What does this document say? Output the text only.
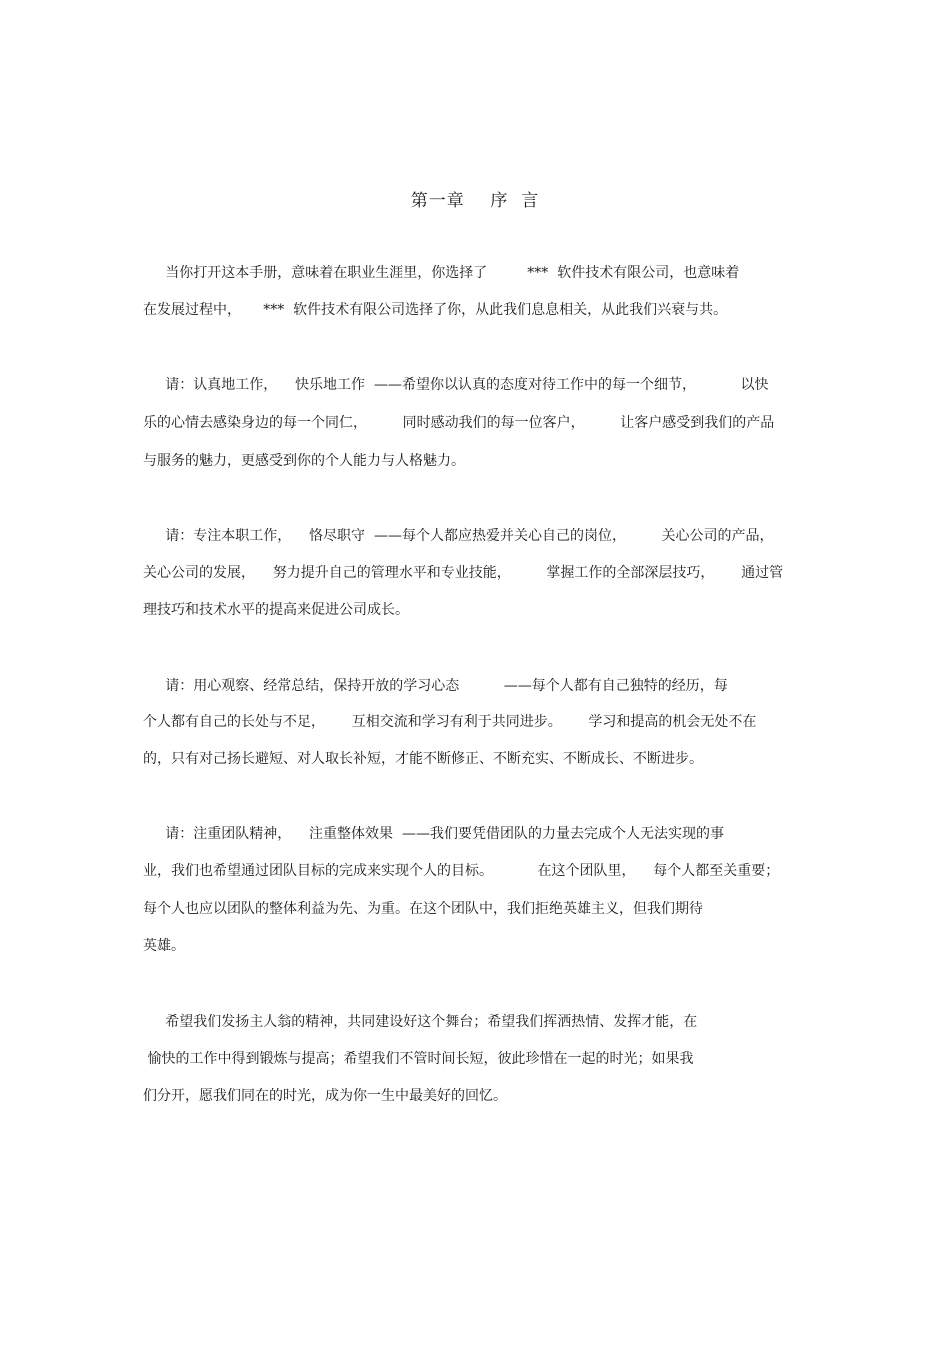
第一章    序  言
当你打开这本手册，意味着在职业生涯里，你选择了         ***  软件技术有限公司，也意味着
在发展过程中，     ***  软件技术有限公司选择了你，从此我们息息相关，从此我们兴衰与共。
请：认真地工作，    快乐地工作  ——希望你以认真的态度对待工作中的每一个细节，          以快
乐的心情去感染身边的每一个同仁，        同时感动我们的每一位客户，        让客户感受到我们的产品
与服务的魅力，更感受到你的个人能力与人格魅力。
请：专注本职工作，    恪尽职守  ——每个人都应热爱并关心自己的岗位，        关心公司的产品，
关心公司的发展，    努力提升自己的管理水平和专业技能，        掌握工作的全部深层技巧，      通过管
理技巧和技术水平的提高来促进公司成长。
请：用心观察、经常总结，保持开放的学习心态          ——每个人都有自己独特的经历，每
个人都有自己的长处与不足，      互相交流和学习有利于共同进步。      学习和提高的机会无处不在
的，只有对己扬长避短、对人取长补短，才能不断修正、不断充实、不断成长、不断进步。
请：注重团队精神，    注重整体效果  ——我们要凭借团队的力量去完成个人无法实现的事
业，我们也希望通过团队目标的完成来实现个人的目标。          在这个团队里，    每个人都至关重要；
每个人也应以团队的整体利益为先、为重。在这个团队中，我们拒绝英雄主义，但我们期待
英雄。
希望我们发扬主人翁的精神，共同建设好这个舞台；希望我们挥洒热情、发挥才能，在
愉快的工作中得到锻炼与提高；希望我们不管时间长短，彼此珍惜在一起的时光；如果我
们分开，愿我们同在的时光，成为你一生中最美好的回忆。
